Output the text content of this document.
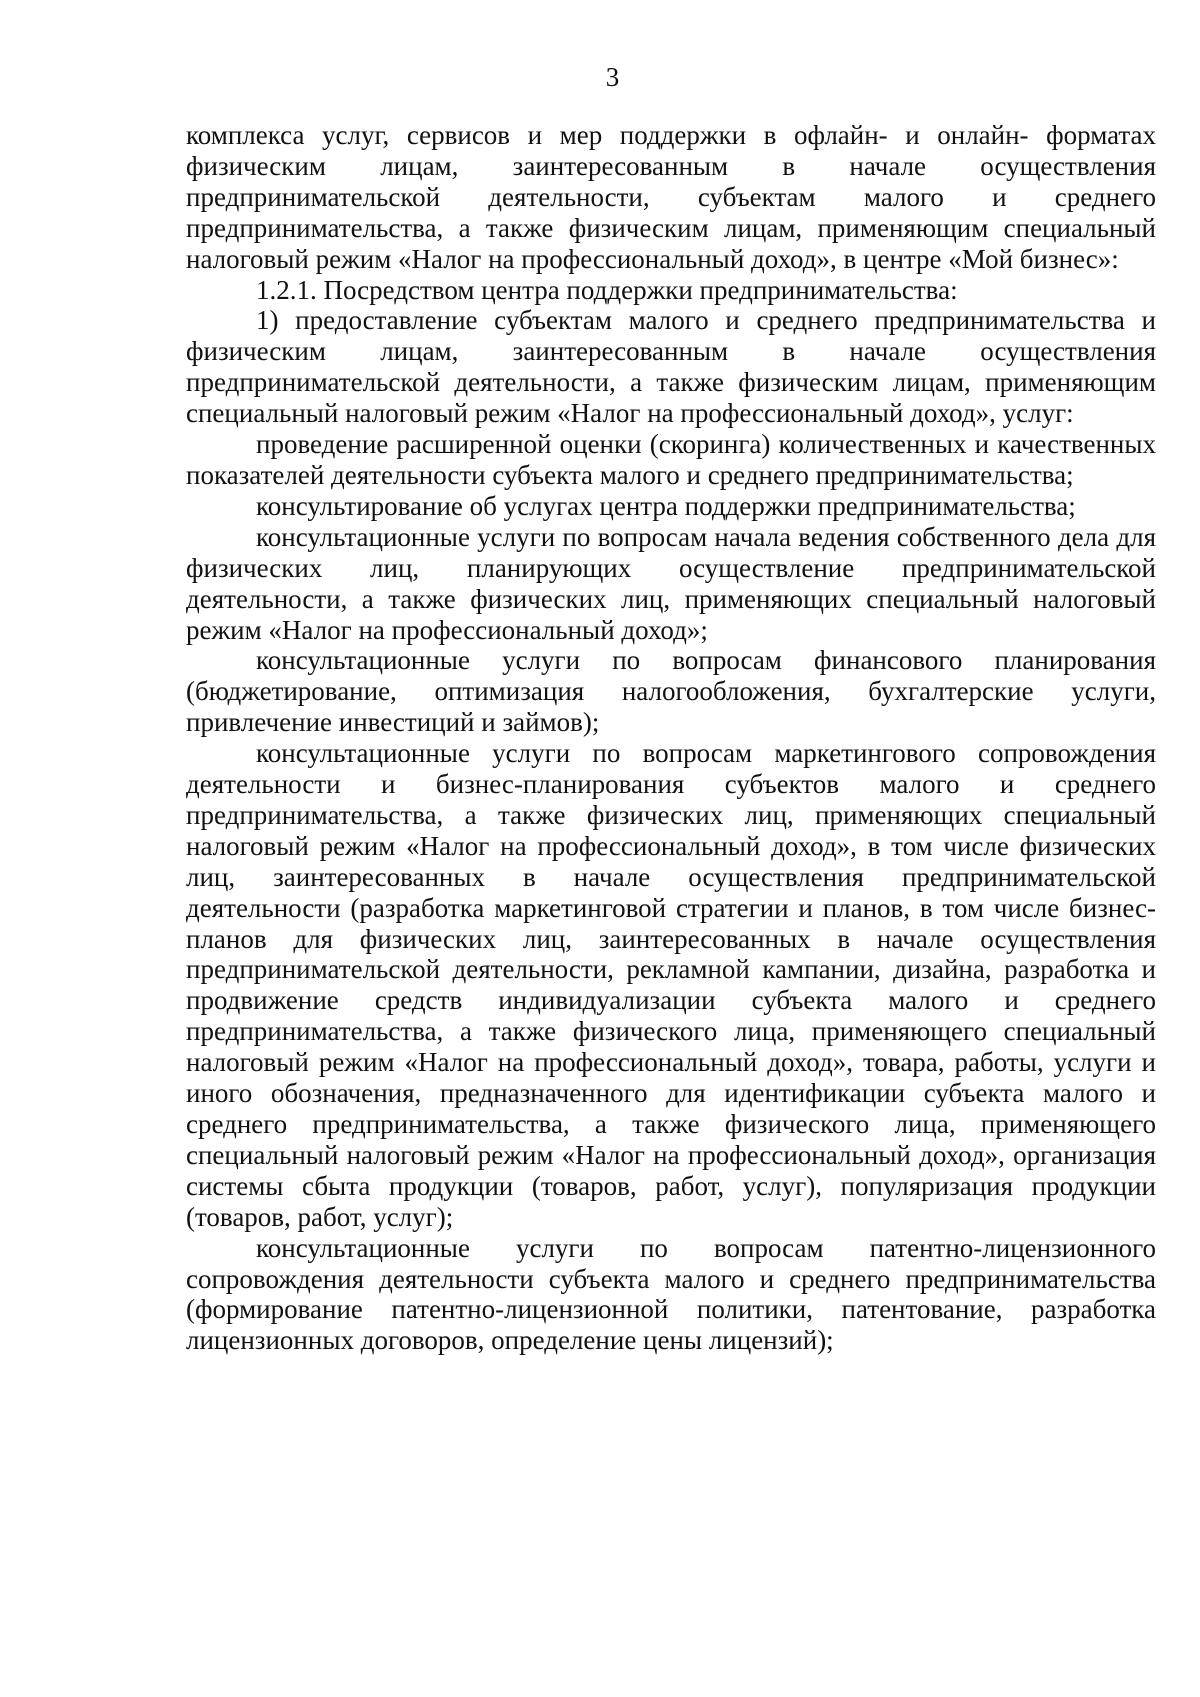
3

комплекса услуг, сервисов и мер поддержки в офлайн- и онлайн- форматах физическим лицам, заинтересованным в начале осуществления предпринимательской деятельности, субъектам малого и среднего предпринимательства, а также физическим лицам, применяющим специальный налоговый режим «Налог на профессиональный доход», в центре «Мой бизнес»:

1.2.1. Посредством центра поддержки предпринимательства:

1) предоставление субъектам малого и среднего предпринимательства и физическим лицам, заинтересованным в начале осуществления предпринимательской деятельности, а также физическим лицам, применяющим специальный налоговый режим «Налог на профессиональный доход», услуг:

проведение расширенной оценки (скоринга) количественных и качественных показателей деятельности субъекта малого и среднего предпринимательства;

консультирование об услугах центра поддержки предпринимательства;

консультационные услуги по вопросам начала ведения собственного дела для физических лиц, планирующих осуществление предпринимательской деятельности, а также физических лиц, применяющих специальный налоговый режим «Налог на профессиональный доход»;

консультационные услуги по вопросам финансового планирования (бюджетирование, оптимизация налогообложения, бухгалтерские услуги, привлечение инвестиций и займов);

консультационные услуги по вопросам маркетингового сопровождения деятельности и бизнес-планирования субъектов малого и среднего предпринимательства, а также физических лиц, применяющих специальный налоговый режим «Налог на профессиональный доход», в том числе физических лиц, заинтересованных в начале осуществления предпринимательской деятельности (разработка маркетинговой стратегии и планов, в том числе бизнес-планов для физических лиц, заинтересованных в начале осуществления предпринимательской деятельности, рекламной кампании, дизайна, разработка и продвижение средств индивидуализации субъекта малого и среднего предпринимательства, а также физического лица, применяющего специальный налоговый режим «Налог на профессиональный доход», товара, работы, услуги и иного обозначения, предназначенного для идентификации субъекта малого и среднего предпринимательства, а также физического лица, применяющего специальный налоговый режим «Налог на профессиональный доход», организация системы сбыта продукции (товаров, работ, услуг), популяризация продукции (товаров, работ, услуг);

консультационные услуги по вопросам патентно-лицензионного сопровождения деятельности субъекта малого и среднего предпринимательства (формирование патентно-лицензионной политики, патентование, разработка лицензионных договоров, определение цены лицензий);
